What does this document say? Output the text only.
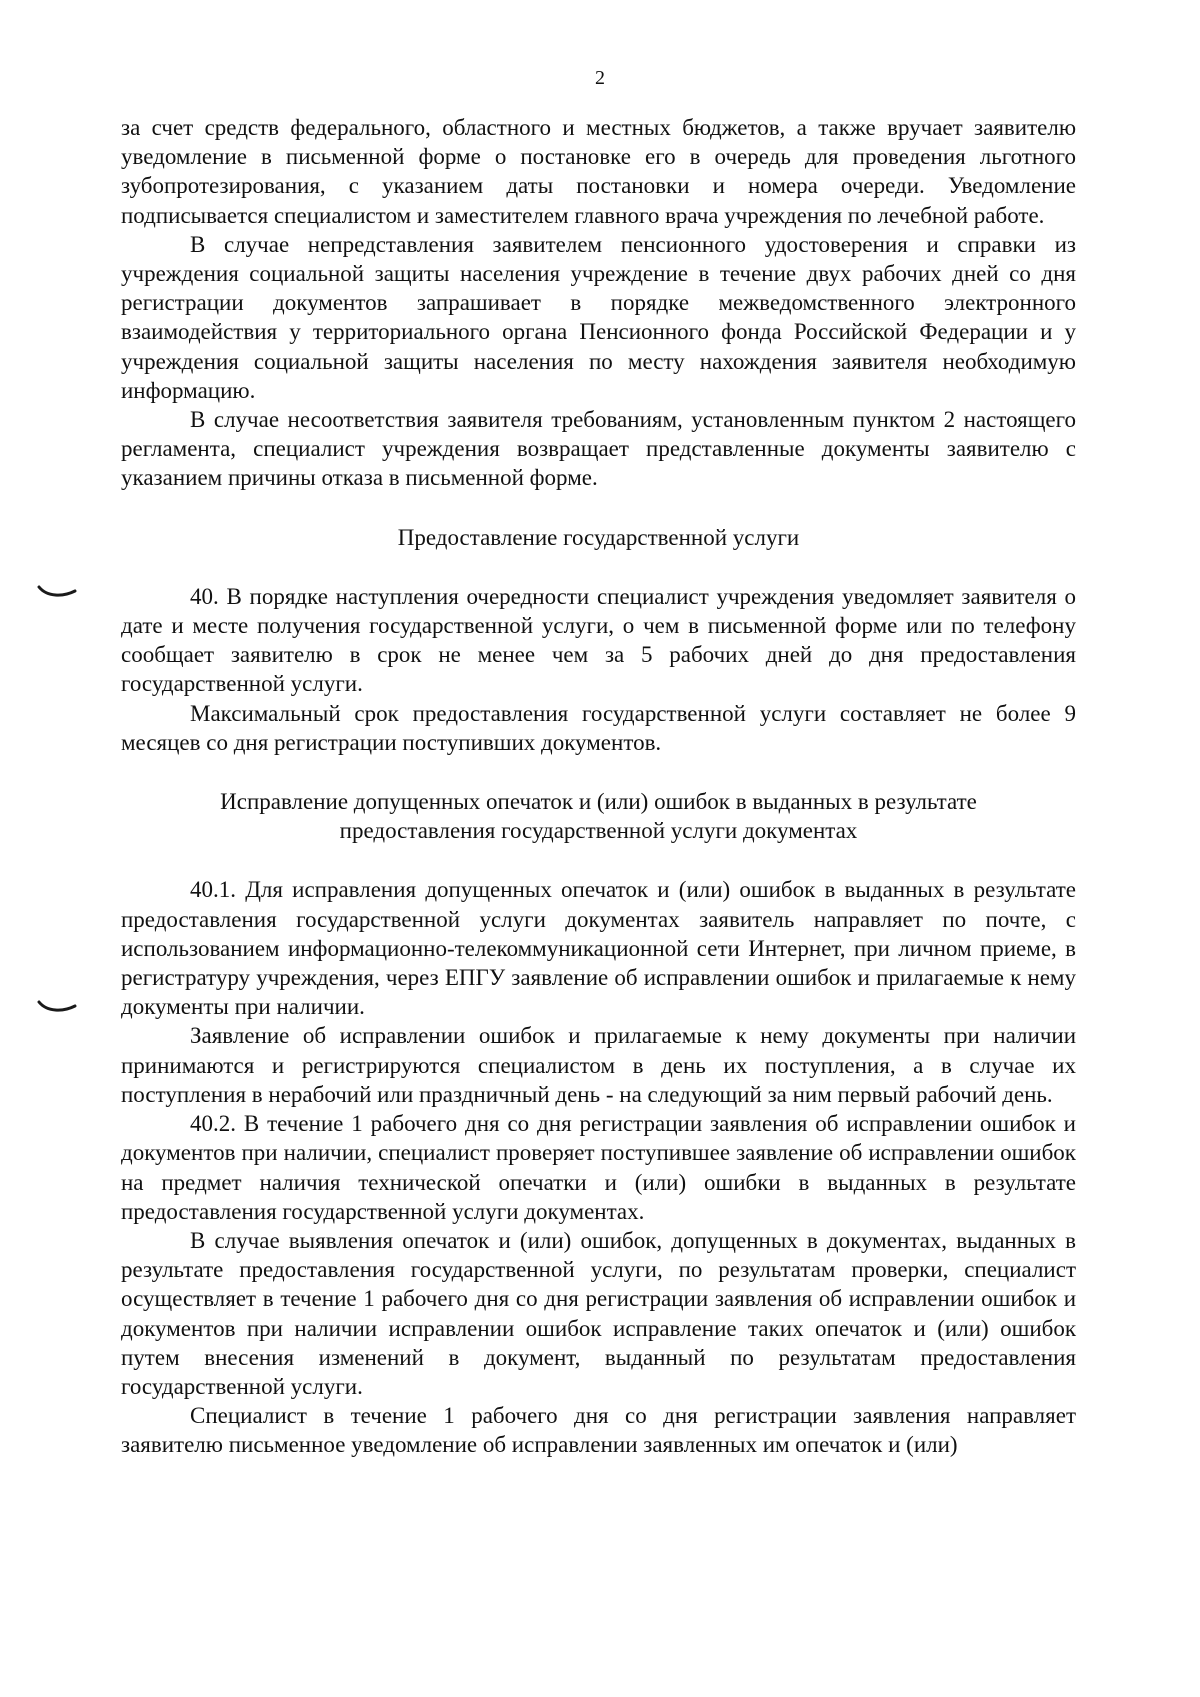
2

за счет средств федерального, областного и местных бюджетов, а также вручает заявителю уведомление в письменной форме о постановке его в очередь для проведения льготного зубопротезирования, с указанием даты постановки и номера очереди. Уведомление подписывается специалистом и заместителем главного врача учреждения по лечебной работе.

В случае непредставления заявителем пенсионного удостоверения и справки из учреждения социальной защиты населения учреждение в течение двух рабочих дней со дня регистрации документов запрашивает в порядке межведомственного электронного взаимодействия у территориального органа Пенсионного фонда Российской Федерации и у учреждения социальной защиты населения по месту нахождения заявителя необходимую информацию.

В случае несоответствия заявителя требованиям, установленным пунктом 2 настоящего регламента, специалист учреждения возвращает представленные документы заявителю с указанием причины отказа в письменной форме.

Предоставление государственной услуги

40. В порядке наступления очередности специалист учреждения уведомляет заявителя о дате и месте получения государственной услуги, о чем в письменной форме или по телефону сообщает заявителю в срок не менее чем за 5 рабочих дней до дня предоставления государственной услуги.

Максимальный срок предоставления государственной услуги составляет не более 9 месяцев со дня регистрации поступивших документов.

Исправление допущенных опечаток и (или) ошибок в выданных в результате
предоставления государственной услуги документах

40.1. Для исправления допущенных опечаток и (или) ошибок в выданных в результате предоставления государственной услуги документах заявитель направляет по почте, с использованием информационно-телекоммуникационной сети Интернет, при личном приеме, в регистратуру учреждения, через ЕПГУ заявление об исправлении ошибок и прилагаемые к нему документы при наличии.

Заявление об исправлении ошибок и прилагаемые к нему документы при наличии принимаются и регистрируются специалистом в день их поступления, а в случае их поступления в нерабочий или праздничный день - на следующий за ним первый рабочий день.

40.2. В течение 1 рабочего дня со дня регистрации заявления об исправлении ошибок и документов при наличии, специалист проверяет поступившее заявление об исправлении ошибок на предмет наличия технической опечатки и (или) ошибки в выданных в результате предоставления государственной услуги документах.

В случае выявления опечаток и (или) ошибок, допущенных в документах, выданных в результате предоставления государственной услуги, по результатам проверки, специалист осуществляет в течение 1 рабочего дня со дня регистрации заявления об исправлении ошибок и документов при наличии исправлении ошибок исправление таких опечаток и (или) ошибок путем внесения изменений в документ, выданный по результатам предоставления государственной услуги.

Специалист в течение 1 рабочего дня со дня регистрации заявления направляет заявителю письменное уведомление об исправлении заявленных им опечаток и (или)
